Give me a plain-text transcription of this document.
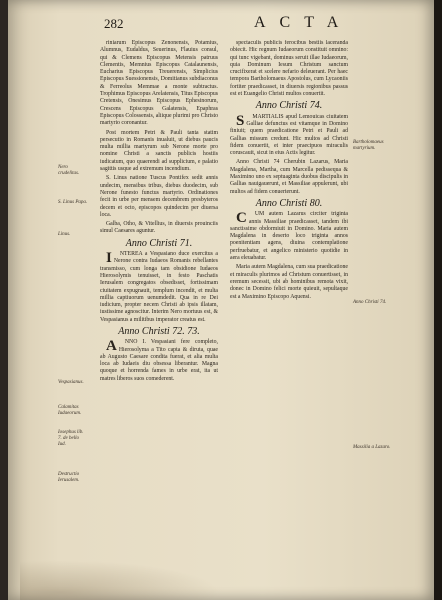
282	ACTA
Nero crudelitas.
S. Linus Papa.
Linus.
Vespasianus.
Calamitas Iudaeorum.
Iosephus lib. 7. de bello Iud.
Destructio Ierusalem.
Bartholomaeus martyrium.
Anno Christi 74.
Massilia a Lazaro.

riniarum Episcopus Zenonensis, Potamius, Alumnus, Eudaldus, Seuerinus, Flauius consul, qui & Clemens Episcopus Metensis patruus Clementis, Memnius Episcopus Catalaunensis, Eucharius Episcopus Treuerensis, Simplicius Episcopus Suessionensis, Domitianus subdiaconus & Ferreolus Memmae a monte subtractus. Trophimus Episcopus Arelatensis, Titus Episcopus Cretensis, Onesimus Episcopus Ephesinorum, Crescens Episcopus Galatensis, Epaphras Episcopus Colossensis, aliique plurimi pro Christo martyrio coronantur.

Post mortem Petri & Pauli tanta statim persecutio in Romanis inualuit, ut diebus paucis multa millia martyrum sub Nerone morte pro nomine Christi a sanctis publicis hostiis iudicatum, quo quaerendi ad supplicium, e palatio sagittis usque ad extremum incendium.

S. Linus natione Tuscus Pontifex sedit annis undecim, mensibus tribus, diebus duodecim, sub Nerone funesto functus martyrio. Ordinationes fecit in urbe per mensem decembrem presbyteros decem et octo, episcopos quindecim per diuersa loca.

Galba, Otho, & Vitellius, in diuersis prouinciis simul Caesares aguntur.

Anno Christi 71.

I NTEREA a Vespasiano duce exercitus a Nerone contra Iudaeos Romanis rebellantes transmisso, cum longa tam obsidione Iudaeos Hierosolymis tenuisset, in festo Paschatis Ierusalem congregatos obsedisset, fortissimam ciuitatem expugnauit, templum incendit, et multa millia captiuorum uenumdedit. Qua in re Dei iudicium, propter necem Christi ab ipsis illatam, iustissime agnoscitur. Interim Nero mortuus est, & Vespasianus a militibus imperator creatus est.

Anno Christi 72. 73.

A NNO I. Vespasiani fere completo, Hierosolyma a Tito capta & diruta, quae ab Augusto Caesare condita fuerat, et alia multa loca ab Iudaeis diu obsessa liberantur. Magna quoque et horrenda fames in urbe erat, ita ut matres liberos suos comederent.

spectaculis publicis ferocibus bestiis laceranda obiecit. Hic regnum Iudaeorum constituit omnino: qui tunc vigebant, dominus seruit illae Iudaeorum, quia Dominum Iesum Christum sanctum crucifixerat et scelere nefario deleuerant. Per haec tempora Bartholomaeus Apostolus, cum Lycaoniis fortiter praedicasset, in diuersis regionibus passus est et Euangelio Christi multos conuertit.

Anno Christi 74.

S MARTIALIS apud Lemouicas ciuitatem Galliae defunctus est vitamque in Domino finiuit; quem praedicatione Petri et Pauli ad Gallias missum credunt. Hic multos ad Christi fidem conuertit, et inter praecipuos miraculis coruscauit, sicut in eius Actis legitur.

Anno Christi 74 Cherubin Lazarus, Maria Magdalena, Martha, cum Marcella pedissequa & Maximino uno ex septuaginta duobus discipulis in Gallias nauigauerunt, et Massiliae appulerunt, ubi multos ad fidem conuerterunt.

Anno Christi 80.

C UM autem Lazarus circiter triginta annis Massiliae praedicasset, tandem ibi sanctissime obdormiuit in Domino. Maria autem Magdalena in deserto loco triginta annos poenitentiam agens, diuina contemplatione perfruebatur, et angelico ministerio quotidie in aera eleuabatur.

Maria autem Magdalena, cum sua praedicatione et miraculis plurimos ad Christum conuertisset, in eremum secessit, ubi ab hominibus remota vixit, donec in Domino felici morte quieuit, sepultaque est a Maximino Episcopo Aquensi.
